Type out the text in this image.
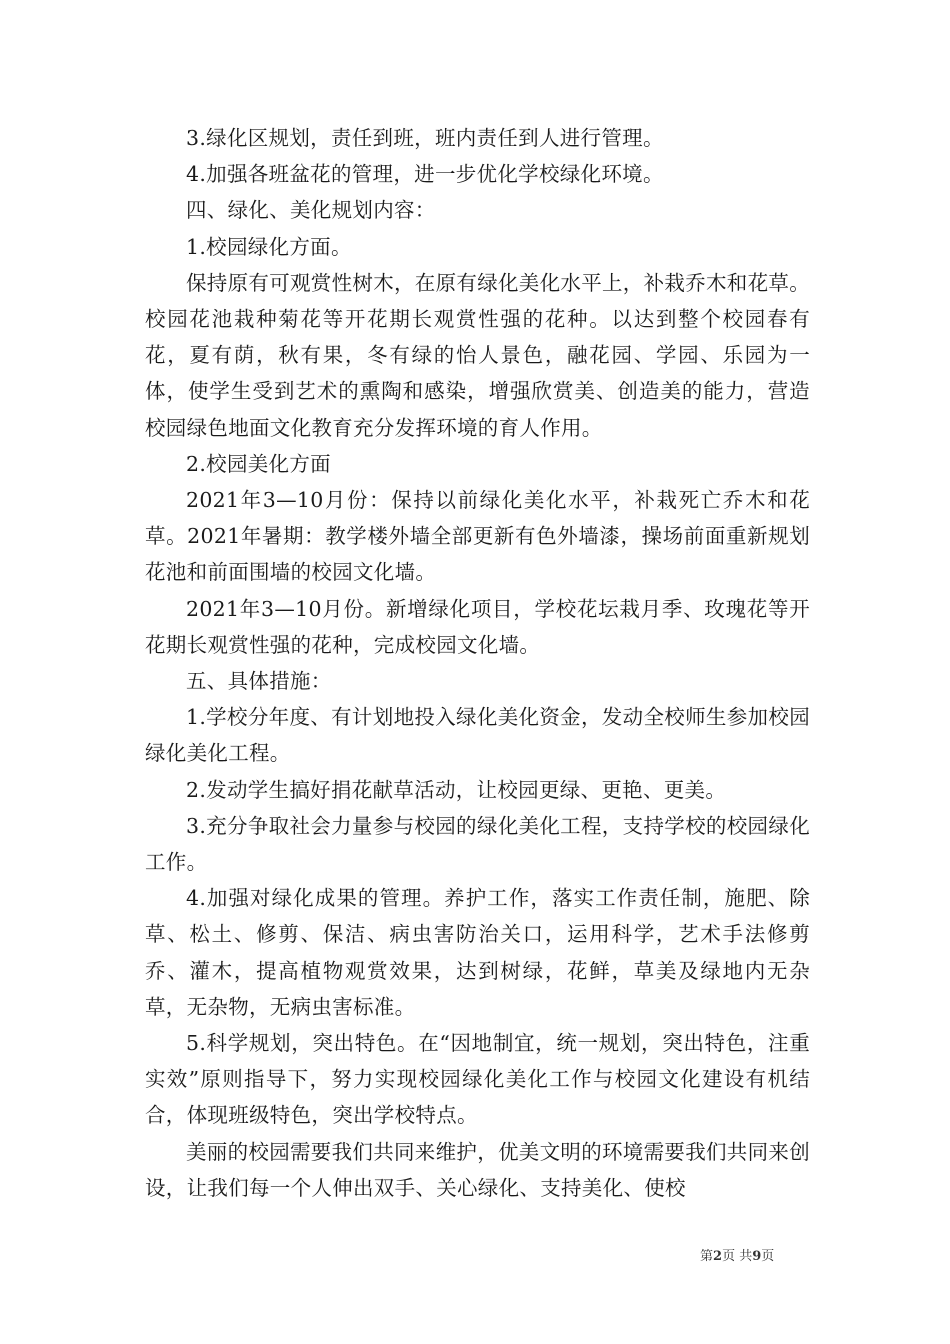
3.绿化区规划，责任到班，班内责任到人进行管理。

4.加强各班盆花的管理，进一步优化学校绿化环境。

四、绿化、美化规划内容：

1.校园绿化方面。

保持原有可观赏性树木，在原有绿化美化水平上，补栽乔木和花草。校园花池栽种菊花等开花期长观赏性强的花种。以达到整个校园春有花，夏有荫，秋有果，冬有绿的怡人景色，融花园、学园、乐园为一体，使学生受到艺术的熏陶和感染，增强欣赏美、创造美的能力，营造校园绿色地面文化教育充分发挥环境的育人作用。

2.校园美化方面

2021年3—10月份：保持以前绿化美化水平，补栽死亡乔木和花草。2021年暑期：教学楼外墙全部更新有色外墙漆，操场前面重新规划花池和前面围墙的校园文化墙。

2021年3—10月份。新增绿化项目，学校花坛栽月季、玫瑰花等开花期长观赏性强的花种，完成校园文化墙。

五、具体措施：

1.学校分年度、有计划地投入绿化美化资金，发动全校师生参加校园绿化美化工程。

2.发动学生搞好捐花献草活动，让校园更绿、更艳、更美。

3.充分争取社会力量参与校园的绿化美化工程，支持学校的校园绿化工作。

4.加强对绿化成果的管理。养护工作，落实工作责任制，施肥、除草、松土、修剪、保洁、病虫害防治关口，运用科学，艺术手法修剪乔、灌木，提高植物观赏效果，达到树绿，花鲜，草美及绿地内无杂草，无杂物，无病虫害标准。

5.科学规划，突出特色。在“因地制宜，统一规划，突出特色，注重实效”原则指导下，努力实现校园绿化美化工作与校园文化建设有机结合，体现班级特色，突出学校特点。

美丽的校园需要我们共同来维护，优美文明的环境需要我们共同来创设，让我们每一个人伸出双手、关心绿化、支持美化、使校

第2页 共9页
